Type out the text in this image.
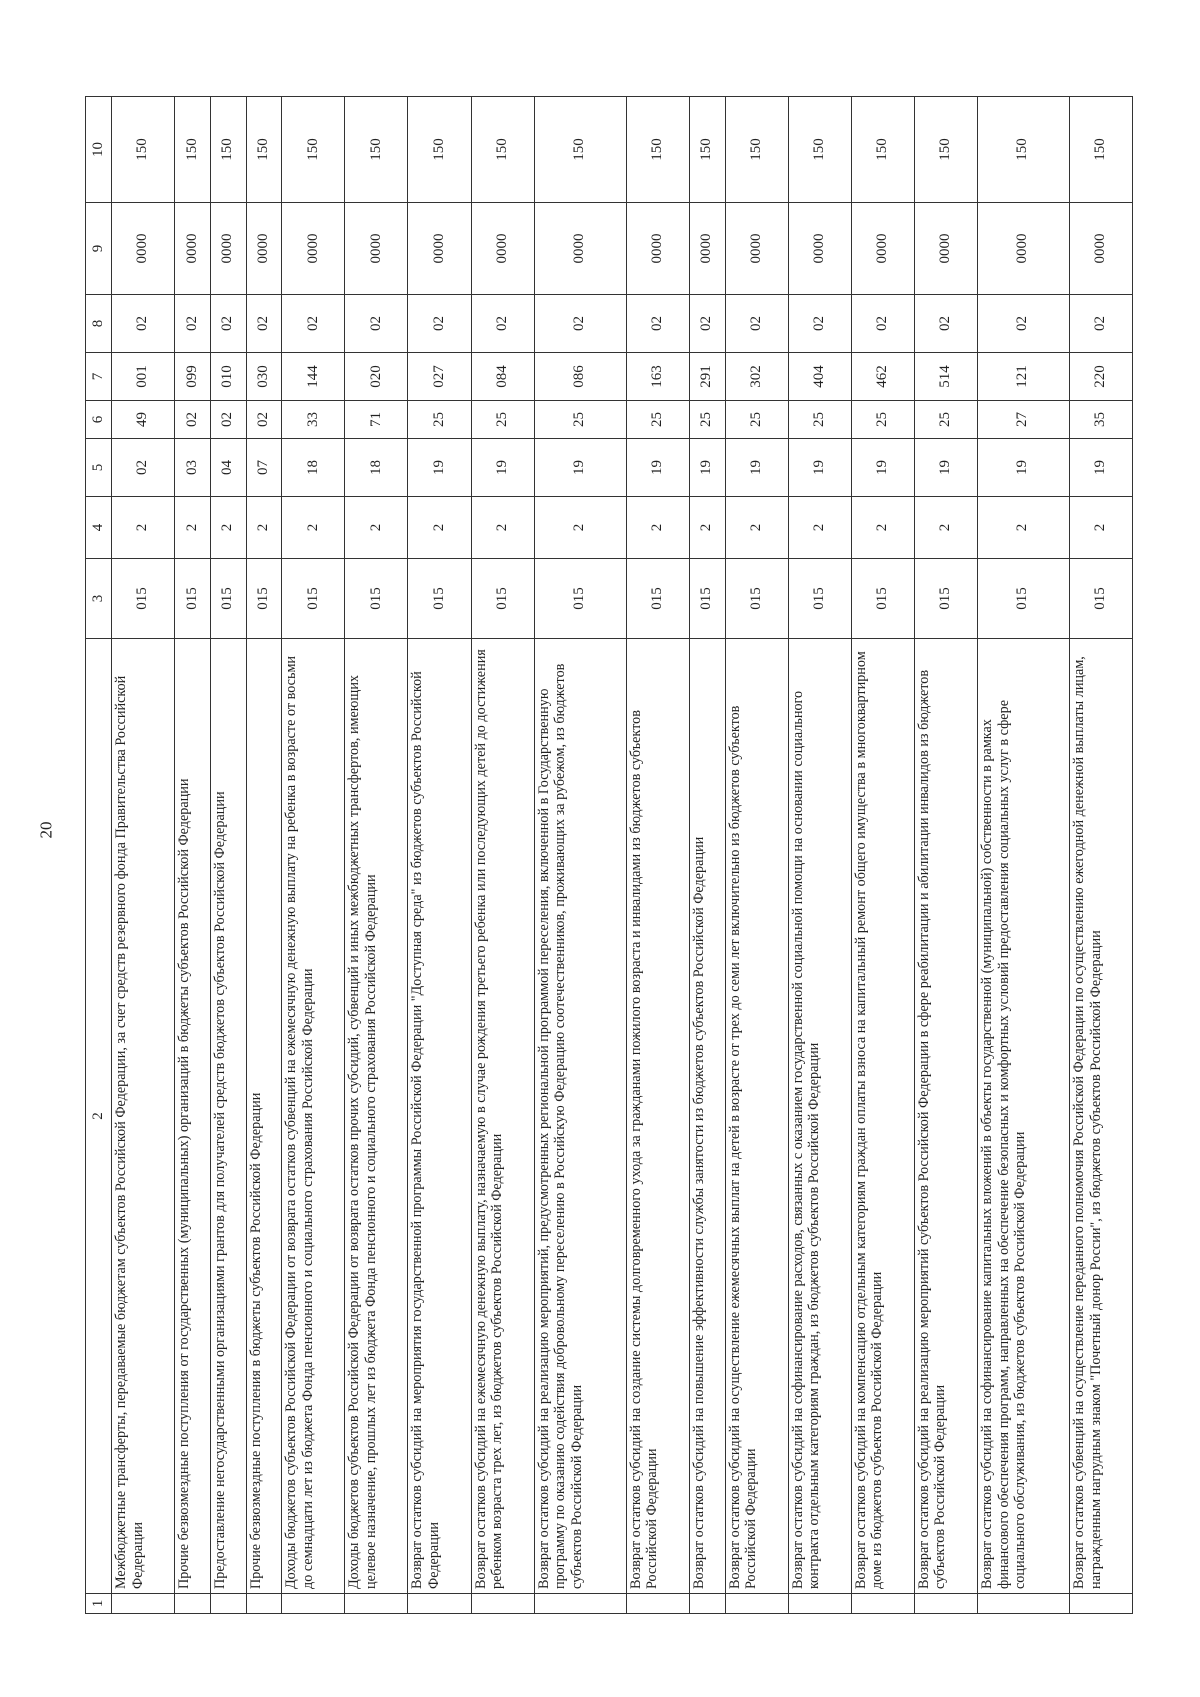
20
1	2	3	4	5	6	7	8	9	10
	Межбюджетные трансферты, передаваемые бюджетам субъектов Российской Федерации, за счет средств резервного фонда Правительства Российской Федерации	015	2	02	49	001	02	0000	150
	Прочие безвозмездные поступления от государственных (муниципальных) организаций в бюджеты субъектов Российской Федерации	015	2	03	02	099	02	0000	150
	Предоставление негосударственными организациями грантов для получателей средств бюджетов субъектов Российской Федерации	015	2	04	02	010	02	0000	150
	Прочие безвозмездные поступления в бюджеты субъектов Российской Федерации	015	2	07	02	030	02	0000	150
	Доходы бюджетов субъектов Российской Федерации от возврата остатков субвенций на ежемесячную денежную выплату на ребенка в возрасте от восьми до семнадцати лет из бюджета Фонда пенсионного и социального страхования Российской Федерации	015	2	18	33	144	02	0000	150
	Доходы бюджетов субъектов Российской Федерации от возврата остатков прочих субсидий, субвенций и иных межбюджетных трансфертов, имеющих целевое назначение, прошлых лет из бюджета Фонда пенсионного и социального страхования Российской Федерации	015	2	18	71	020	02	0000	150
	Возврат остатков субсидий на мероприятия государственной программы Российской Федерации "Доступная среда" из бюджетов субъектов Российской Федерации	015	2	19	25	027	02	0000	150
	Возврат остатков субсидий на ежемесячную денежную выплату, назначаемую в случае рождения третьего ребенка или последующих детей до достижения ребенком возраста трех лет, из бюджетов субъектов Российской Федерации	015	2	19	25	084	02	0000	150
	Возврат остатков субсидий на реализацию мероприятий, предусмотренных региональной программой переселения, включенной в Государственную программу по оказанию содействия добровольному переселению в Российскую Федерацию соотечественников, проживающих за рубежом, из бюджетов субъектов Российской Федерации	015	2	19	25	086	02	0000	150
	Возврат остатков субсидий на создание системы долговременного ухода за гражданами пожилого возраста и инвалидами из бюджетов субъектов Российской Федерации	015	2	19	25	163	02	0000	150
	Возврат остатков субсидий на повышение эффективности службы занятости из бюджетов субъектов Российской Федерации	015	2	19	25	291	02	0000	150
	Возврат остатков субсидий на осуществление ежемесячных выплат на детей в возрасте от трех до семи лет включительно из бюджетов субъектов Российской Федерации	015	2	19	25	302	02	0000	150
	Возврат остатков субсидий на софинансирование расходов, связанных с оказанием государственной социальной помощи на основании социального контракта отдельным категориям граждан, из бюджетов субъектов Российской Федерации	015	2	19	25	404	02	0000	150
	Возврат остатков субсидий на компенсацию отдельным категориям граждан оплаты взноса на капитальный ремонт общего имущества в многоквартирном доме из бюджетов субъектов Российской Федерации	015	2	19	25	462	02	0000	150
	Возврат остатков субсидий на реализацию мероприятий субъектов Российской Федерации в сфере реабилитации и абилитации инвалидов из бюджетов субъектов Российской Федерации	015	2	19	25	514	02	0000	150
	Возврат остатков субсидий на софинансирование капитальных вложений в объекты государственной (муниципальной) собственности в рамках финансового обеспечения программ, направленных на обеспечение безопасных и комфортных условий предоставления социальных услуг в сфере социального обслуживания, из бюджетов субъектов Российской Федерации	015	2	19	27	121	02	0000	150
	Возврат остатков субвенций на осуществление переданного полномочия Российской Федерации по осуществлению ежегодной денежной выплаты лицам, награжденным нагрудным знаком "Почетный донор России", из бюджетов субъектов Российской Федерации	015	2	19	35	220	02	0000	150
